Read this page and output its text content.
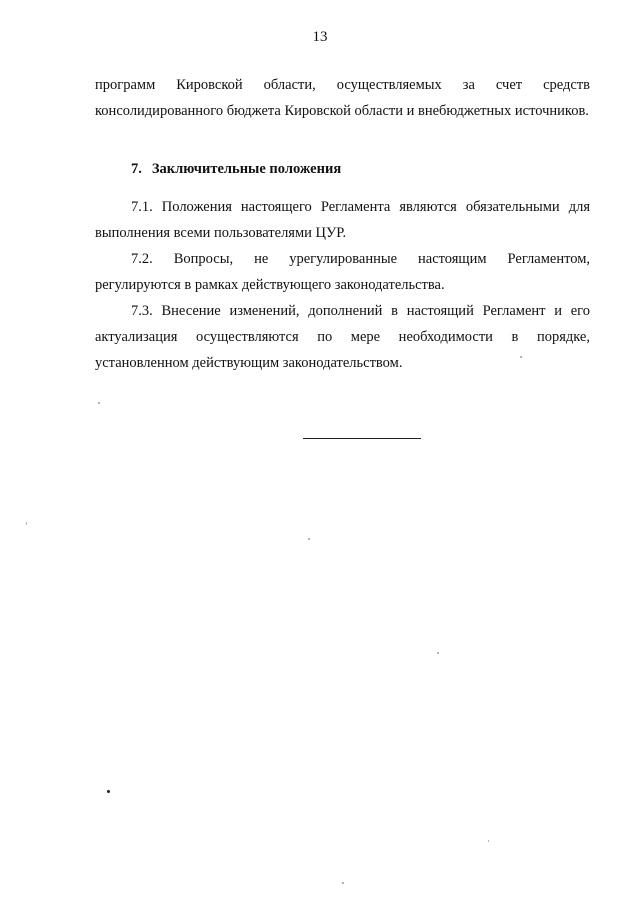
13

программ Кировской области, осуществляемых за счет средств консолидированного бюджета Кировской области и внебюджетных источников.

7. Заключительные положения

7.1. Положения настоящего Регламента являются обязательными для выполнения всеми пользователями ЦУР.

7.2. Вопросы, не урегулированные настоящим Регламентом, регулируются в рамках действующего законодательства.

7.3. Внесение изменений, дополнений в настоящий Регламент и его актуализация осуществляются по мере необходимости в порядке, установленном действующим законодательством.
